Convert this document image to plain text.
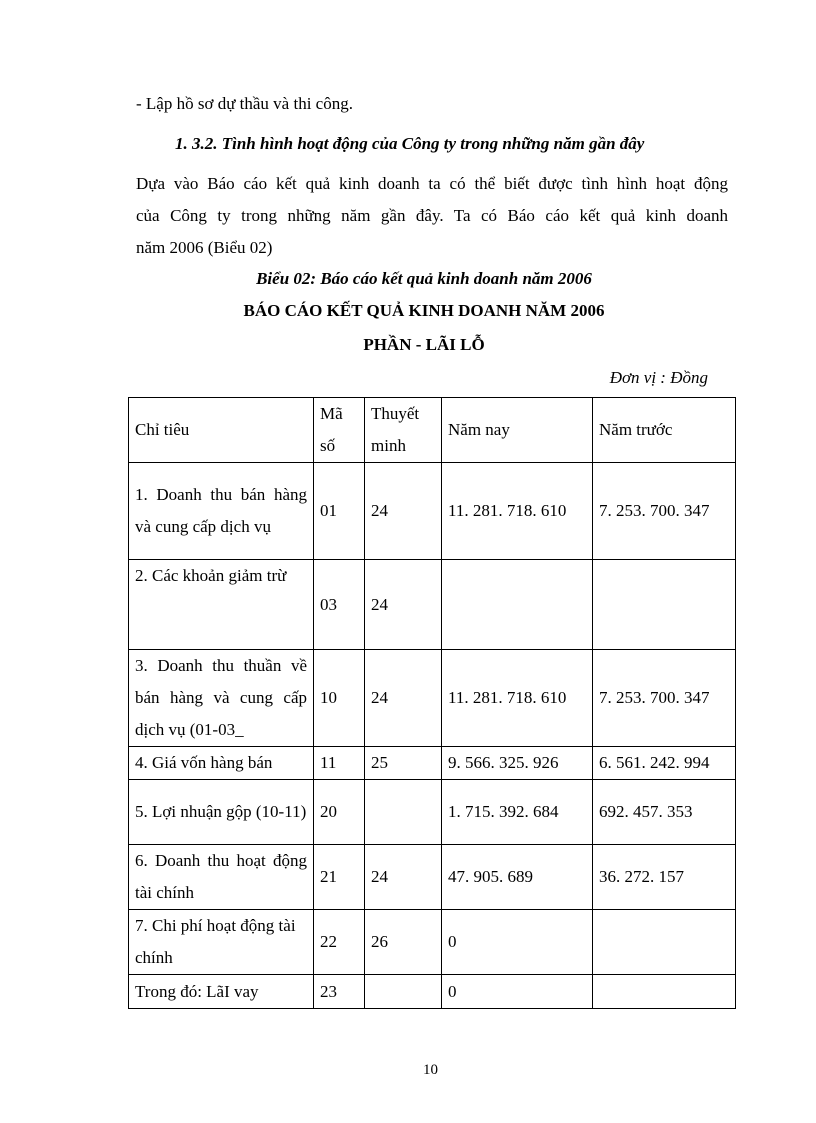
- Lập hồ sơ dự thầu và thi công.
1. 3.2. Tình hình hoạt động của Công ty trong những năm gần đây
Dựa vào Báo cáo kết quả kinh doanh ta có thể biết được tình hình hoạt động
của Công ty trong những năm gần đây. Ta có Báo cáo kết quả kinh doanh
năm 2006 (Biểu 02)
Biểu 02: Báo cáo kết quả kinh doanh năm 2006
BÁO CÁO KẾT QUẢ KINH DOANH NĂM 2006
PHẦN - LÃI LỖ
Đơn vị : Đồng
Chỉ tiêu	Mã số	Thuyết minh	Năm nay	Năm trước
1. Doanh thu bán hàng và cung cấp dịch vụ	01	24	11. 281. 718. 610	7. 253. 700. 347
2. Các khoản giảm trừ	03	24		
3. Doanh thu thuần về bán hàng và cung cấp dịch vụ (01-03_	10	24	11. 281. 718. 610	7. 253. 700. 347
4. Giá vốn hàng bán	11	25	9. 566. 325. 926	6. 561. 242. 994
5. Lợi nhuận gộp (10-11)	20		1. 715. 392. 684	692. 457. 353
6. Doanh thu hoạt động tài chính	21	24	47. 905. 689	36. 272. 157
7. Chi phí hoạt động tài chính	22	26	0	
Trong đó: LãI vay	23		0	
10
